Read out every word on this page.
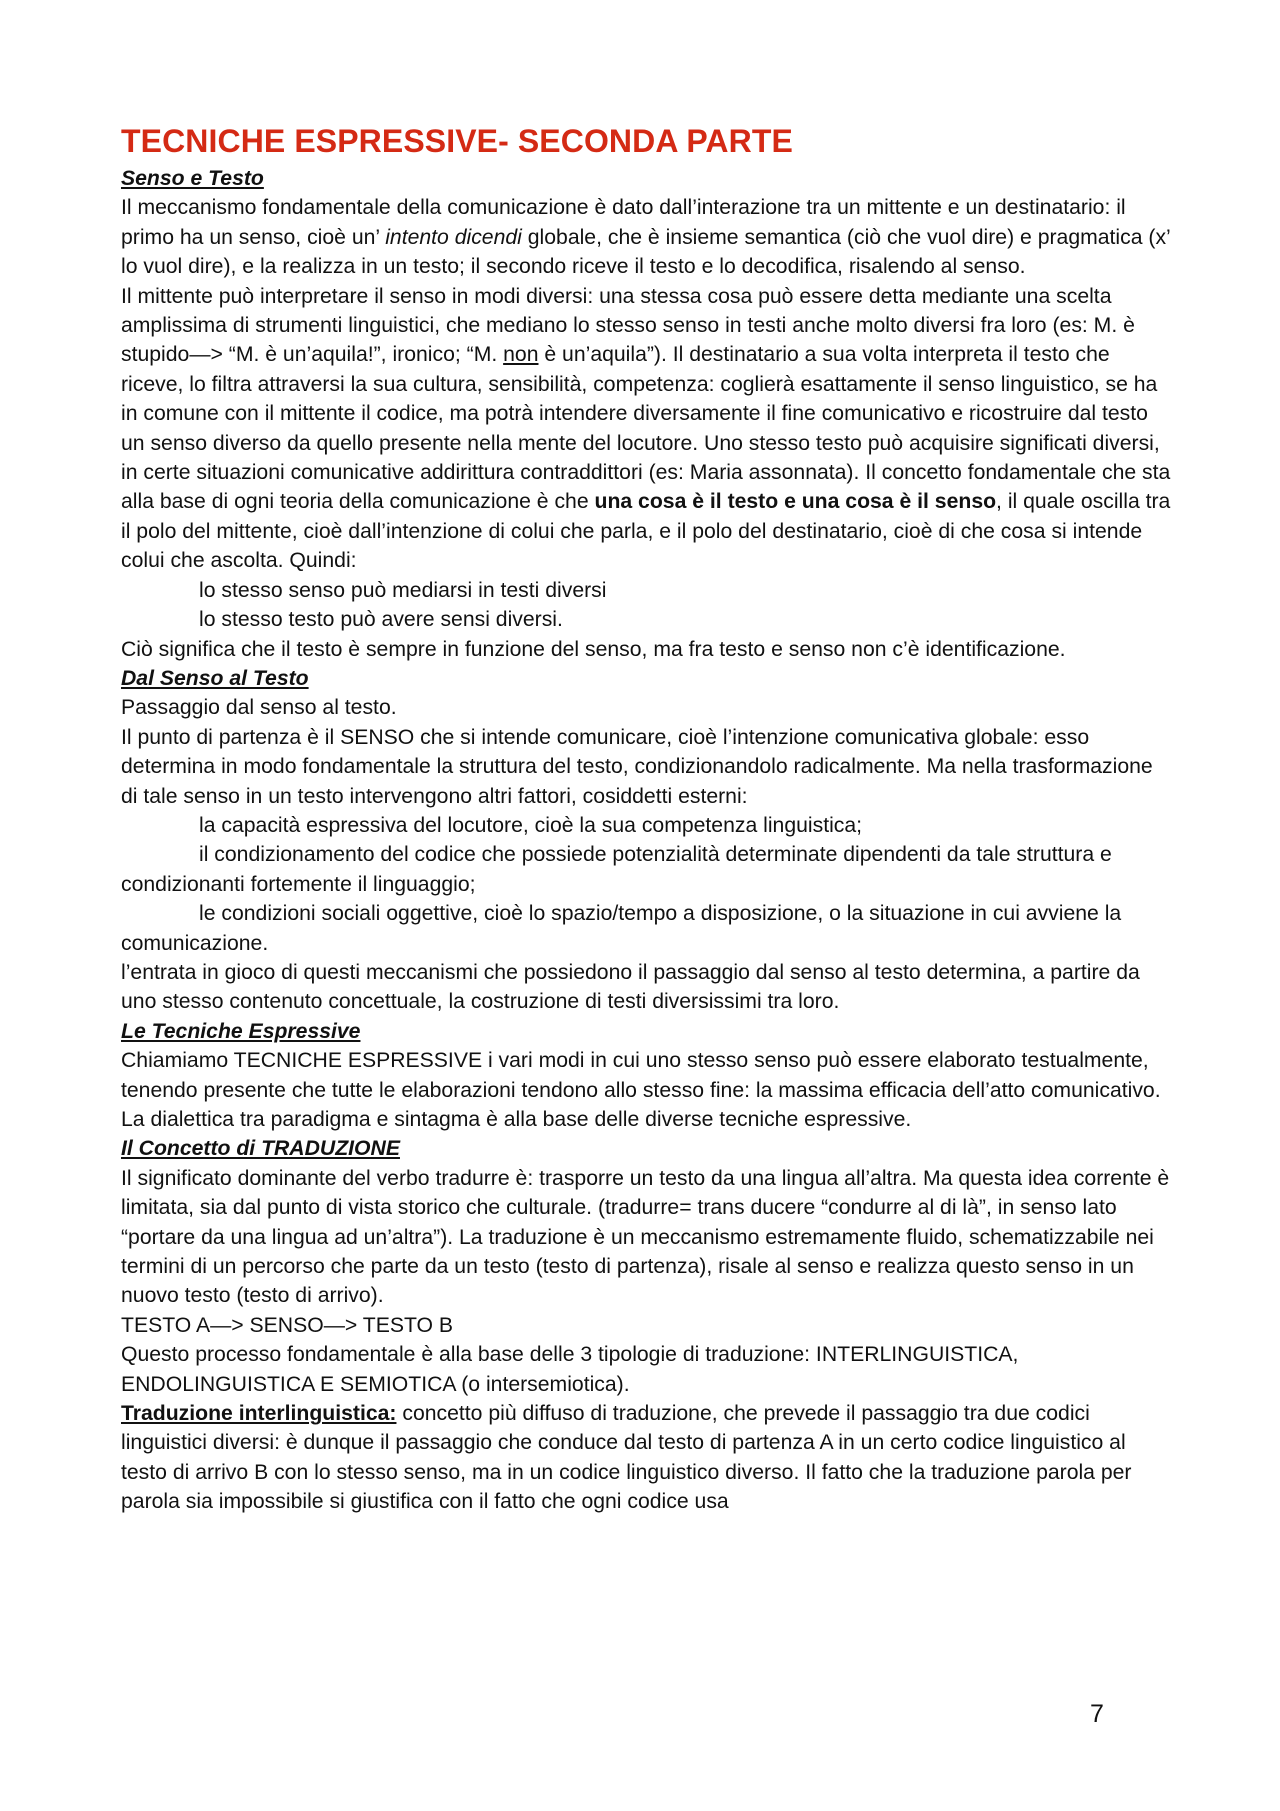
TECNICHE ESPRESSIVE- SECONDA PARTE

Senso e Testo

Il meccanismo fondamentale della comunicazione è dato dall’interazione tra un mittente e un destinatario: il primo ha un senso, cioè un’ intento dicendi globale, che è insieme semantica (ciò che vuol dire) e pragmatica (x’ lo vuol dire), e la realizza in un testo; il secondo riceve il testo e lo decodifica, risalendo al senso.

Il mittente può interpretare il senso in modi diversi: una stessa cosa può essere detta mediante una scelta amplissima di strumenti linguistici, che mediano lo stesso senso in testi anche molto diversi fra loro (es: M. è stupido—> “M. è un’aquila!”, ironico; “M. non è un’aquila”). Il destinatario a sua volta interpreta il testo che riceve, lo filtra attraversi la sua cultura, sensibilità, competenza: coglierà esattamente il senso linguistico, se ha in comune con il mittente il codice, ma potrà intendere diversamente il fine comunicativo e ricostruire dal testo un senso diverso da quello presente nella mente del locutore. Uno stesso testo può acquisire significati diversi, in certe situazioni comunicative addirittura contraddittori (es: Maria assonnata). Il concetto fondamentale che sta alla base di ogni teoria della comunicazione è che una cosa è il testo e una cosa è il senso, il quale oscilla tra il polo del mittente, cioè dall’intenzione di colui che parla, e il polo del destinatario, cioè di che cosa si intende colui che ascolta. Quindi:

lo stesso senso può mediarsi in testi diversi

lo stesso testo può avere sensi diversi.

Ciò significa che il testo è sempre in funzione del senso, ma fra testo e senso non c’è identificazione.

Dal Senso al Testo

Passaggio dal senso al testo.

Il punto di partenza è il SENSO che si intende comunicare, cioè l’intenzione comunicativa globale: esso determina in modo fondamentale la struttura del testo, condizionandolo radicalmente. Ma nella trasformazione di tale senso in un testo intervengono altri fattori, cosiddetti esterni:

la capacità espressiva del locutore, cioè la sua competenza linguistica;

il condizionamento del codice che possiede potenzialità determinate dipendenti da tale struttura e condizionanti fortemente il linguaggio;

le condizioni sociali oggettive, cioè lo spazio/tempo a disposizione, o la situazione in cui avviene la comunicazione.

l’entrata in gioco di questi meccanismi che possiedono il passaggio dal senso al testo determina, a partire da uno stesso contenuto concettuale, la costruzione di testi diversissimi tra loro.

Le Tecniche Espressive

Chiamiamo TECNICHE ESPRESSIVE i vari modi in cui uno stesso senso può essere elaborato testualmente, tenendo presente che tutte le elaborazioni tendono allo stesso fine: la massima efficacia dell’atto comunicativo. La dialettica tra paradigma e sintagma è alla base delle diverse tecniche espressive.

Il Concetto di TRADUZIONE

Il significato dominante del verbo tradurre è: trasporre un testo da una lingua all’altra. Ma questa idea corrente è limitata, sia dal punto di vista storico che culturale. (tradurre= trans ducere “condurre al di là”, in senso lato “portare da una lingua ad un’altra”). La traduzione è un meccanismo estremamente fluido, schematizzabile nei termini di un percorso che parte da un testo (testo di partenza), risale al senso e realizza questo senso in un nuovo testo (testo di arrivo).

TESTO A—> SENSO—> TESTO B

Questo processo fondamentale è alla base delle 3 tipologie di traduzione: INTERLINGUISTICA, ENDOLINGUISTICA E SEMIOTICA (o intersemiotica).

Traduzione interlinguistica: concetto più diffuso di traduzione, che prevede il passaggio tra due codici linguistici diversi: è dunque il passaggio che conduce dal testo di partenza A in un certo codice linguistico al testo di arrivo B con lo stesso senso, ma in un codice linguistico diverso. Il fatto che la traduzione parola per parola sia impossibile si giustifica con il fatto che ogni codice usa

7
